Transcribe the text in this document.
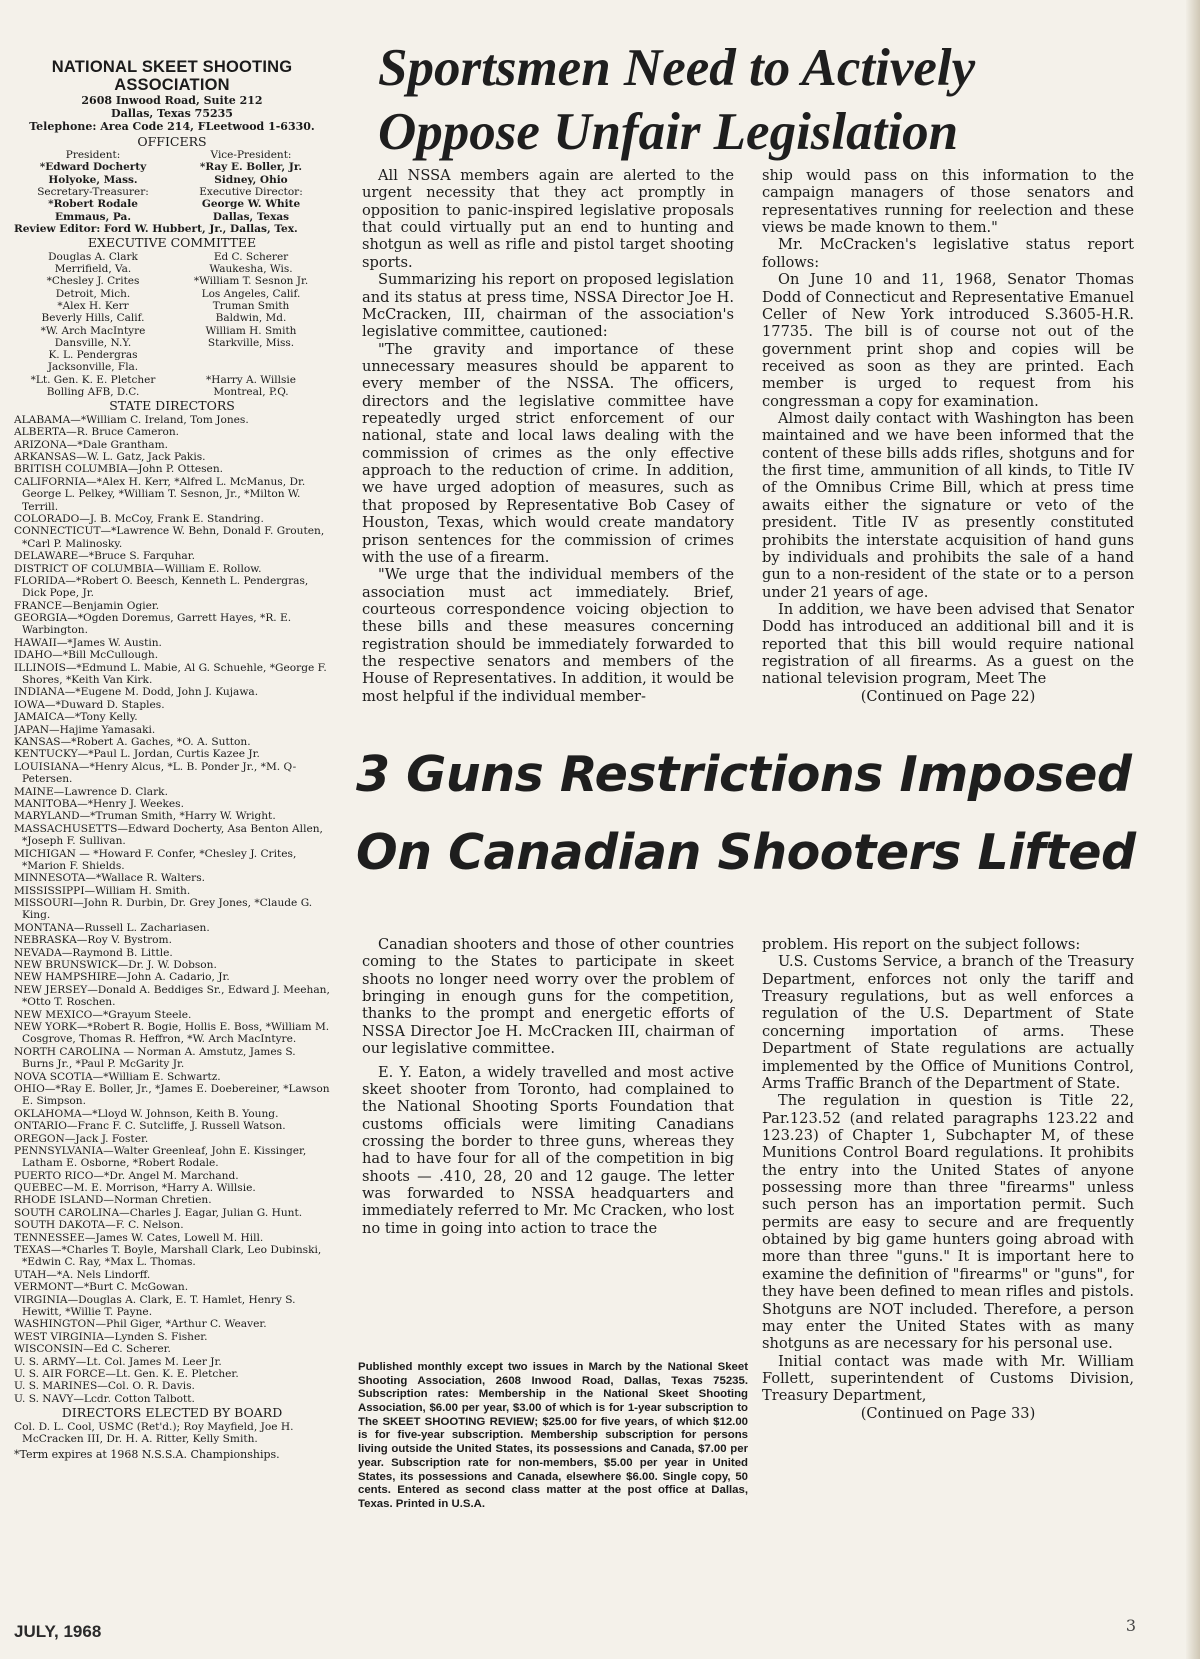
NATIONAL SKEET SHOOTING ASSOCIATION
2608 Inwood Road, Suite 212
Dallas, Texas 75235
Telephone: Area Code 214, FLeetwood 1-6330.
OFFICERS
President:	Vice-President:
*Edward Docherty	*Ray E. Boller, Jr.
Holyoke, Mass.	Sidney, Ohio
Secretary-Treasurer:	Executive Director:
*Robert Rodale	George W. White
Emmaus, Pa.	Dallas, Texas
Review Editor: Ford W. Hubbert, Jr., Dallas, Tex.
EXECUTIVE COMMITTEE
Douglas A. Clark	Ed C. Scherer
Merrifield, Va.	Waukesha, Wis.
*Chesley J. Crites	*William T. Sesnon Jr.
Detroit, Mich.	Los Angeles, Calif.
*Alex H. Kerr	Truman Smith
Beverly Hills, Calif.	Baldwin, Md.
*W. Arch MacIntyre	William H. Smith
Dansville, N.Y.	Starkville, Miss.
K. L. Pendergras
Jacksonville, Fla.
*Lt. Gen. K. E. Pletcher	*Harry A. Willsie
Bolling AFB, D.C.	Montreal, P.Q.
STATE DIRECTORS
ALABAMA—*William C. Ireland, Tom Jones.
ALBERTA—R. Bruce Cameron.
ARIZONA—*Dale Grantham.
ARKANSAS—W. L. Gatz, Jack Pakis.
BRITISH COLUMBIA—John P. Ottesen.
CALIFORNIA—*Alex H. Kerr, *Alfred L. McManus, Dr. George L. Pelkey, *William T. Sesnon, Jr., *Milton W. Terrill.
COLORADO—J. B. McCoy, Frank E. Standring.
CONNECTICUT—*Lawrence W. Behn, Donald F. Grouten, *Carl P. Malinosky.
DELAWARE—*Bruce S. Farquhar.
DISTRICT OF COLUMBIA—William E. Rollow.
FLORIDA—*Robert O. Beesch, Kenneth L. Pendergras, Dick Pope, Jr.
FRANCE—Benjamin Ogier.
GEORGIA—*Ogden Doremus, Garrett Hayes, *R. E. Warbington.
HAWAII—*James W. Austin.
IDAHO—*Bill McCullough.
ILLINOIS—*Edmund L. Mabie, Al G. Schuehle, *George F. Shores, *Keith Van Kirk.
INDIANA—*Eugene M. Dodd, John J. Kujawa.
IOWA—*Duward D. Staples.
JAMAICA—*Tony Kelly.
JAPAN—Hajime Yamasaki.
KANSAS—*Robert A. Gaches, *O. A. Sutton.
KENTUCKY—*Paul L. Jordan, Curtis Kazee Jr.
LOUISIANA—*Henry Alcus, *L. B. Ponder Jr., *M. Q-Petersen.
MAINE—Lawrence D. Clark.
MANITOBA—*Henry J. Weekes.
MARYLAND—*Truman Smith, *Harry W. Wright.
MASSACHUSETTS—Edward Docherty, Asa Benton Allen, *Joseph F. Sullivan.
MICHIGAN — *Howard F. Confer, *Chesley J. Crites, *Marion F. Shields.
MINNESOTA—*Wallace R. Walters.
MISSISSIPPI—William H. Smith.
MISSOURI—John R. Durbin, Dr. Grey Jones, *Claude G. King.
MONTANA—Russell L. Zachariasen.
NEBRASKA—Roy V. Bystrom.
NEVADA—Raymond B. Little.
NEW BRUNSWICK—Dr. J. W. Dobson.
NEW HAMPSHIRE—John A. Cadario, Jr.
NEW JERSEY—Donald A. Beddiges Sr., Edward J. Meehan, *Otto T. Roschen.
NEW MEXICO—*Grayum Steele.
NEW YORK—*Robert R. Bogie, Hollis E. Boss, *William M. Cosgrove, Thomas R. Heffron, *W. Arch MacIntyre.
NORTH CAROLINA — Norman A. Amstutz, James S. Burns Jr., *Paul P. McGarity Jr.
NOVA SCOTIA—*William E. Schwartz.
OHIO—*Ray E. Boller, Jr., *James E. Doebereiner, *Lawson E. Simpson.
OKLAHOMA—*Lloyd W. Johnson, Keith B. Young.
ONTARIO—Franc F. C. Sutcliffe, J. Russell Watson.
OREGON—Jack J. Foster.
PENNSYLVANIA—Walter Greenleaf, John E. Kissinger, Latham E. Osborne, *Robert Rodale.
PUERTO RICO—*Dr. Angel M. Marchand.
QUEBEC—M. E. Morrison, *Harry A. Willsie.
RHODE ISLAND—Norman Chretien.
SOUTH CAROLINA—Charles J. Eagar, Julian G. Hunt.
SOUTH DAKOTA—F. C. Nelson.
TENNESSEE—James W. Cates, Lowell M. Hill.
TEXAS—*Charles T. Boyle, Marshall Clark, Leo Dubinski, *Edwin C. Ray, *Max L. Thomas.
UTAH—*A. Nels Lindorff.
VERMONT—*Burt C. McGowan.
VIRGINIA—Douglas A. Clark, E. T. Hamlet, Henry S. Hewitt, *Willie T. Payne.
WASHINGTON—Phil Giger, *Arthur C. Weaver.
WEST VIRGINIA—Lynden S. Fisher.
WISCONSIN—Ed C. Scherer.
U. S. ARMY—Lt. Col. James M. Leer Jr.
U. S. AIR FORCE—Lt. Gen. K. E. Pletcher.
U. S. MARINES—Col. O. R. Davis.
U. S. NAVY—Lcdr. Cotton Talbott.
DIRECTORS ELECTED BY BOARD
Col. D. L. Cool, USMC (Ret'd.); Roy Mayfield, Joe H. McCracken III, Dr. H. A. Ritter, Kelly Smith.
*Term expires at 1968 N.S.S.A. Championships.
Sportsmen Need to Actively
Oppose Unfair Legislation

All NSSA members again are alerted to the urgent necessity that they act promptly in opposition to panic-inspired legislative proposals that could virtually put an end to hunting and shotgun as well as rifle and pistol target shooting sports.

Summarizing his report on proposed legislation and its status at press time, NSSA Director Joe H. McCracken, III, chairman of the association's legislative committee, cautioned:

"The gravity and importance of these unnecessary measures should be apparent to every member of the NSSA. The officers, directors and the legislative committee have repeatedly urged strict enforcement of our national, state and local laws dealing with the commission of crimes as the only effective approach to the reduction of crime. In addition, we have urged adoption of measures, such as that proposed by Representative Bob Casey of Houston, Texas, which would create mandatory prison sentences for the commission of crimes with the use of a firearm.

"We urge that the individual members of the association must act immediately. Brief, courteous correspondence voicing objection to these bills and these measures concerning registration should be immediately forwarded to the respective senators and members of the House of Representatives. In addition, it would be most helpful if the individual member-

ship would pass on this information to the campaign managers of those senators and representatives running for reelection and these views be made known to them."

Mr. McCracken's legislative status report follows:

On June 10 and 11, 1968, Senator Thomas Dodd of Connecticut and Representative Emanuel Celler of New York introduced S.3605-H.R. 17735. The bill is of course not out of the government print shop and copies will be received as soon as they are printed. Each member is urged to request from his congressman a copy for examination.

Almost daily contact with Washington has been maintained and we have been informed that the content of these bills adds rifles, shotguns and for the first time, ammunition of all kinds, to Title IV of the Omnibus Crime Bill, which at press time awaits either the signature or veto of the president. Title IV as presently constituted prohibits the interstate acquisition of hand guns by individuals and prohibits the sale of a hand gun to a non-resident of the state or to a person under 21 years of age.

In addition, we have been advised that Senator Dodd has introduced an additional bill and it is reported that this bill would require national registration of all firearms. As a guest on the national television program, Meet The

(Continued on Page 22)

3 Guns Restrictions Imposed
On Canadian Shooters Lifted

Canadian shooters and those of other countries coming to the States to participate in skeet shoots no longer need worry over the problem of bringing in enough guns for the competition, thanks to the prompt and energetic efforts of NSSA Director Joe H. McCracken III, chairman of our legislative committee.

E. Y. Eaton, a widely travelled and most active skeet shooter from Toronto, had complained to the National Shooting Sports Foundation that customs officials were limiting Canadians crossing the border to three guns, whereas they had to have four for all of the competition in big shoots — .410, 28, 20 and 12 gauge. The letter was forwarded to NSSA headquarters and immediately referred to Mr. Mc Cracken, who lost no time in going into action to trace the

problem. His report on the subject follows:

U.S. Customs Service, a branch of the Treasury Department, enforces not only the tariff and Treasury regulations, but as well enforces a regulation of the U.S. Department of State concerning importation of arms. These Department of State regulations are actually implemented by the Office of Munitions Control, Arms Traffic Branch of the Department of State.

The regulation in question is Title 22, Par.123.52 (and related paragraphs 123.22 and 123.23) of Chapter 1, Subchapter M, of these Munitions Control Board regulations. It prohibits the entry into the United States of anyone possessing more than three "firearms" unless such person has an importation permit. Such permits are easy to secure and are frequently obtained by big game hunters going abroad with more than three "guns." It is important here to examine the definition of "firearms" or "guns", for they have been defined to mean rifles and pistols. Shotguns are NOT included. Therefore, a person may enter the United States with as many shotguns as are necessary for his personal use.

Initial contact was made with Mr. William Follett, superintendent of Customs Division, Treasury Department,

(Continued on Page 33)

Published monthly except two issues in March by the National Skeet Shooting Association, 2608 Inwood Road, Dallas, Texas 75235. Subscription rates: Membership in the National Skeet Shooting Association, $6.00 per year, $3.00 of which is for 1-year subscription to The SKEET SHOOTING REVIEW; $25.00 for five years, of which $12.00 is for five-year subscription. Membership subscription for persons living outside the United States, its possessions and Canada, $7.00 per year. Subscription rate for non-members, $5.00 per year in United States, its possessions and Canada, elsewhere $6.00. Single copy, 50 cents. Entered as second class matter at the post office at Dallas, Texas. Printed in U.S.A.
JULY, 1968	3
